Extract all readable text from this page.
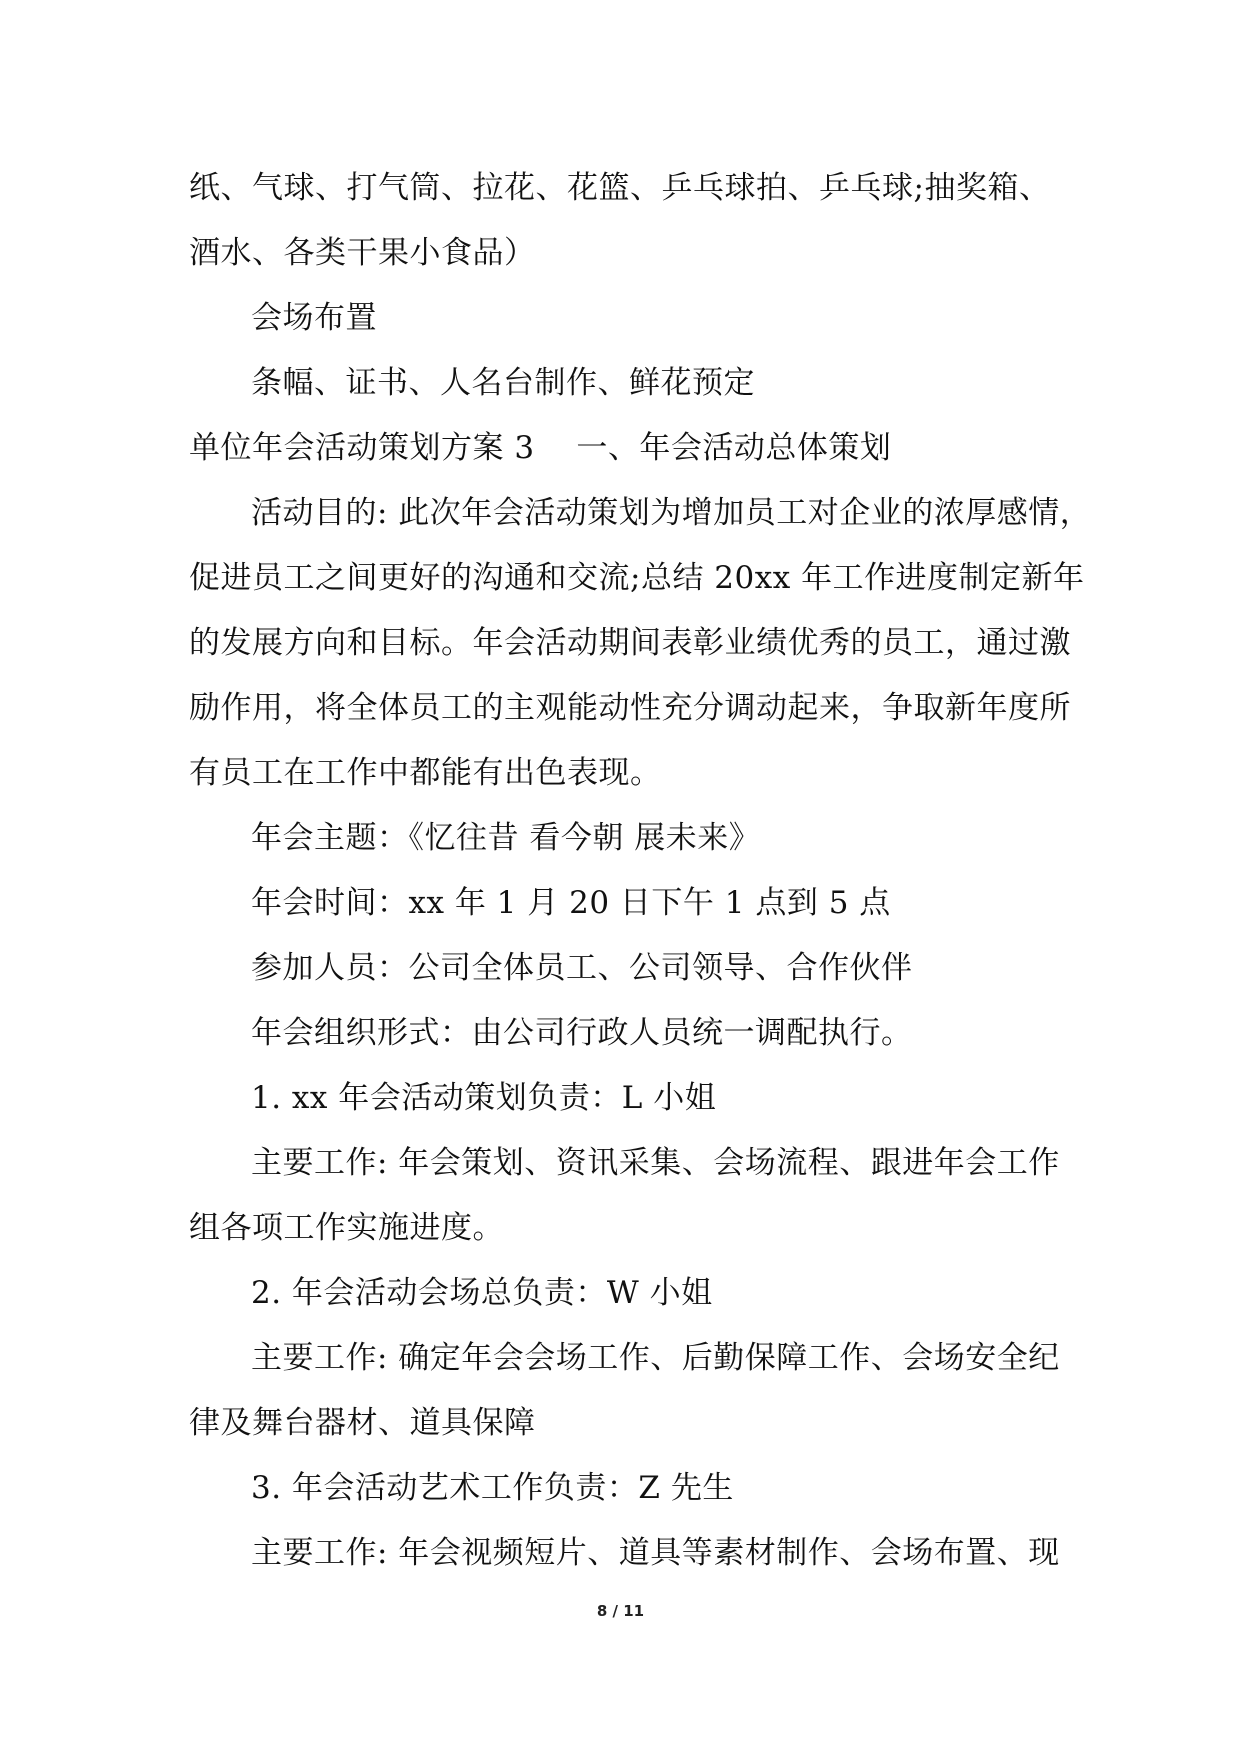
纸、气球、打气筒、拉花、花篮、乒乓球拍、乒乓球;抽奖箱、
酒水、各类干果小食品）
会场布置
条幅、证书、人名台制作、鲜花预定
单位年会活动策划方案 3　 一、年会活动总体策划
活动目的: 此次年会活动策划为增加员工对企业的浓厚感情，
促进员工之间更好的沟通和交流;总结 20xx 年工作进度制定新年
的发展方向和目标。年会活动期间表彰业绩优秀的员工，通过激
励作用，将全体员工的主观能动性充分调动起来，争取新年度所
有员工在工作中都能有出色表现。
年会主题：《忆往昔 看今朝 展未来》
年会时间：xx 年 1 月 20 日下午 1 点到 5 点
参加人员：公司全体员工、公司领导、合作伙伴
年会组织形式：由公司行政人员统一调配执行。
1. xx 年会活动策划负责：L 小姐
主要工作: 年会策划、资讯采集、会场流程、跟进年会工作
组各项工作实施进度。
2. 年会活动会场总负责：W 小姐
主要工作: 确定年会会场工作、后勤保障工作、会场安全纪
律及舞台器材、道具保障
3. 年会活动艺术工作负责：Z 先生
主要工作: 年会视频短片、道具等素材制作、会场布置、现
8 / 11
